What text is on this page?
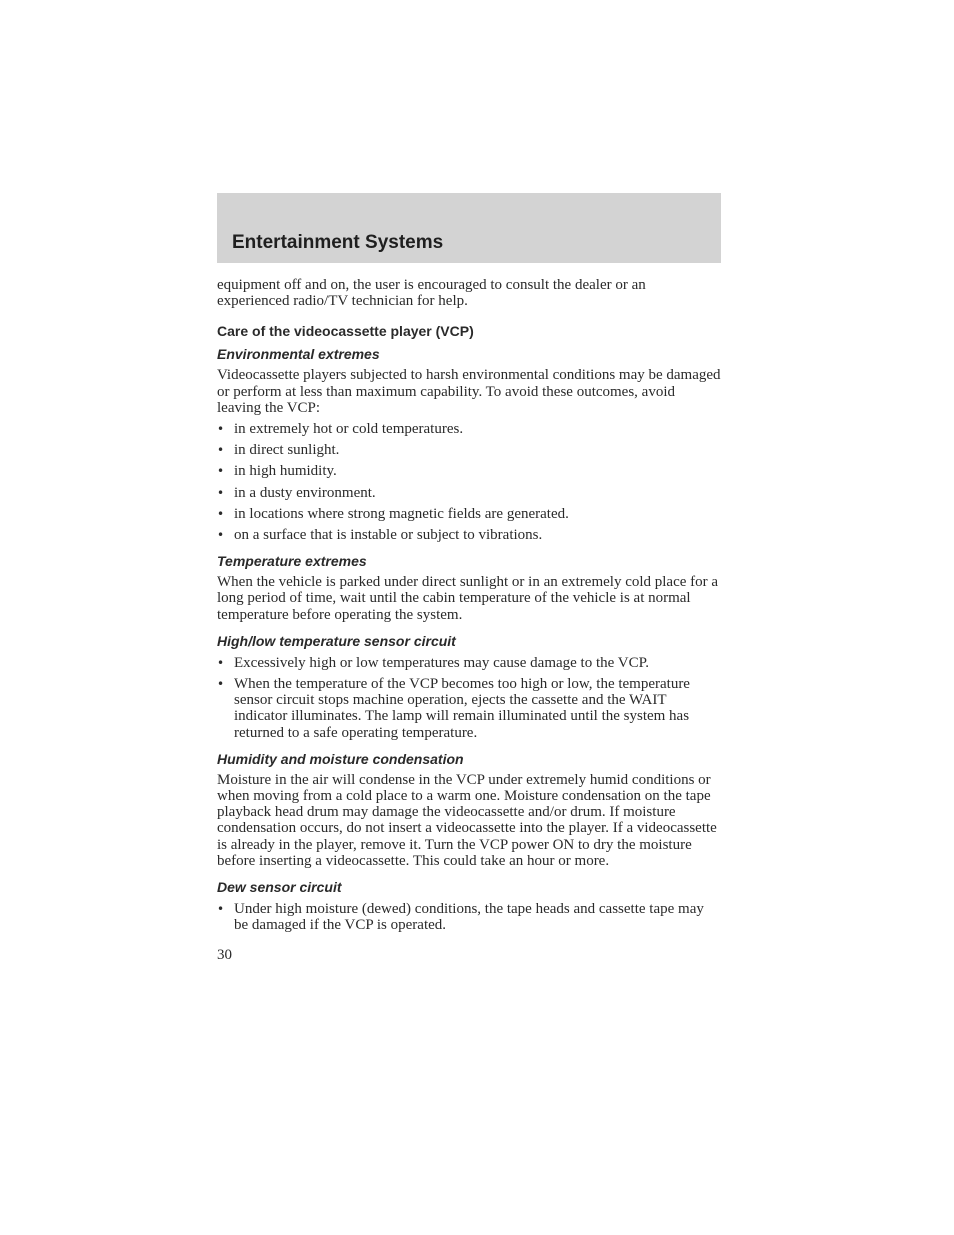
Entertainment Systems

equipment off and on, the user is encouraged to consult the dealer or an experienced radio/TV technician for help.

Care of the videocassette player (VCP)
Environmental extremes

Videocassette players subjected to harsh environmental conditions may be damaged or perform at less than maximum capability. To avoid these outcomes, avoid leaving the VCP:

• in extremely hot or cold temperatures.
• in direct sunlight.
• in high humidity.
• in a dusty environment.
• in locations where strong magnetic fields are generated.
• on a surface that is instable or subject to vibrations.
Temperature extremes

When the vehicle is parked under direct sunlight or in an extremely cold place for a long period of time, wait until the cabin temperature of the vehicle is at normal temperature before operating the system.

High/low temperature sensor circuit
• Excessively high or low temperatures may cause damage to the VCP.
• When the temperature of the VCP becomes too high or low, the temperature sensor circuit stops machine operation, ejects the cassette and the WAIT indicator illuminates. The lamp will remain illuminated until the system has returned to a safe operating temperature.
Humidity and moisture condensation

Moisture in the air will condense in the VCP under extremely humid conditions or when moving from a cold place to a warm one. Moisture condensation on the tape playback head drum may damage the videocassette and/or drum. If moisture condensation occurs, do not insert a videocassette into the player. If a videocassette is already in the player, remove it. Turn the VCP power ON to dry the moisture before inserting a videocassette. This could take an hour or more.

Dew sensor circuit
• Under high moisture (dewed) conditions, the tape heads and cassette tape may be damaged if the VCP is operated.

30
